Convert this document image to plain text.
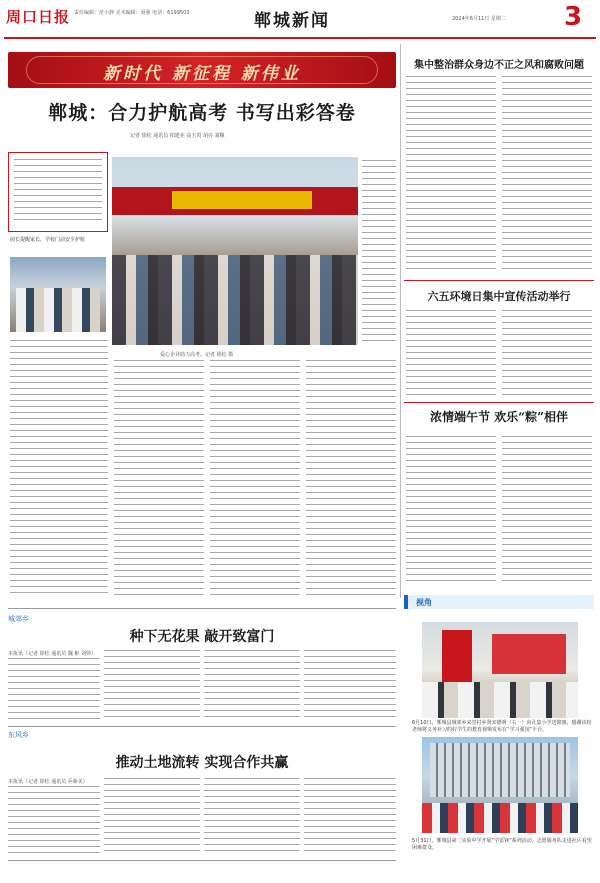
周口日报 责任编辑：范小静 美术编辑：聂强 电话：6199503	郸城新闻	2024年6月11日 星期二 3
新时代 新征程 新伟业
郸城：合力护航高考 书写出彩答卷
记者 徐松 通讯员 柏建业 高玉贵 胡亮 刘顺
园长提醒家长，学校门前安全护航
爱心企业助力高考。记者 徐松 摄
集中整治群众身边不正之风和腐败问题
六五环境日集中宣传活动举行
浓情端午节 欢乐“粽”相伴
视角
6月10日，郸城县城郊乡宋堂村乡贤宋德明（右一）向孔集小学送锦旗，感谢该校老师将义务补习的好学生的教育视频发布在“学习强国”平台。
5月31日，郸城县第二实验中学开展“学雷锋”系列活动，志愿服务队走进社区看望困难群众。
城郊乡
种下无花果 敲开致富门
本报讯（记者 徐松 通讯员 魏 彬 刘帅）
东风乡
推动土地流转 实现合作共赢
本报讯（记者 徐松 通讯员 乔新美）
